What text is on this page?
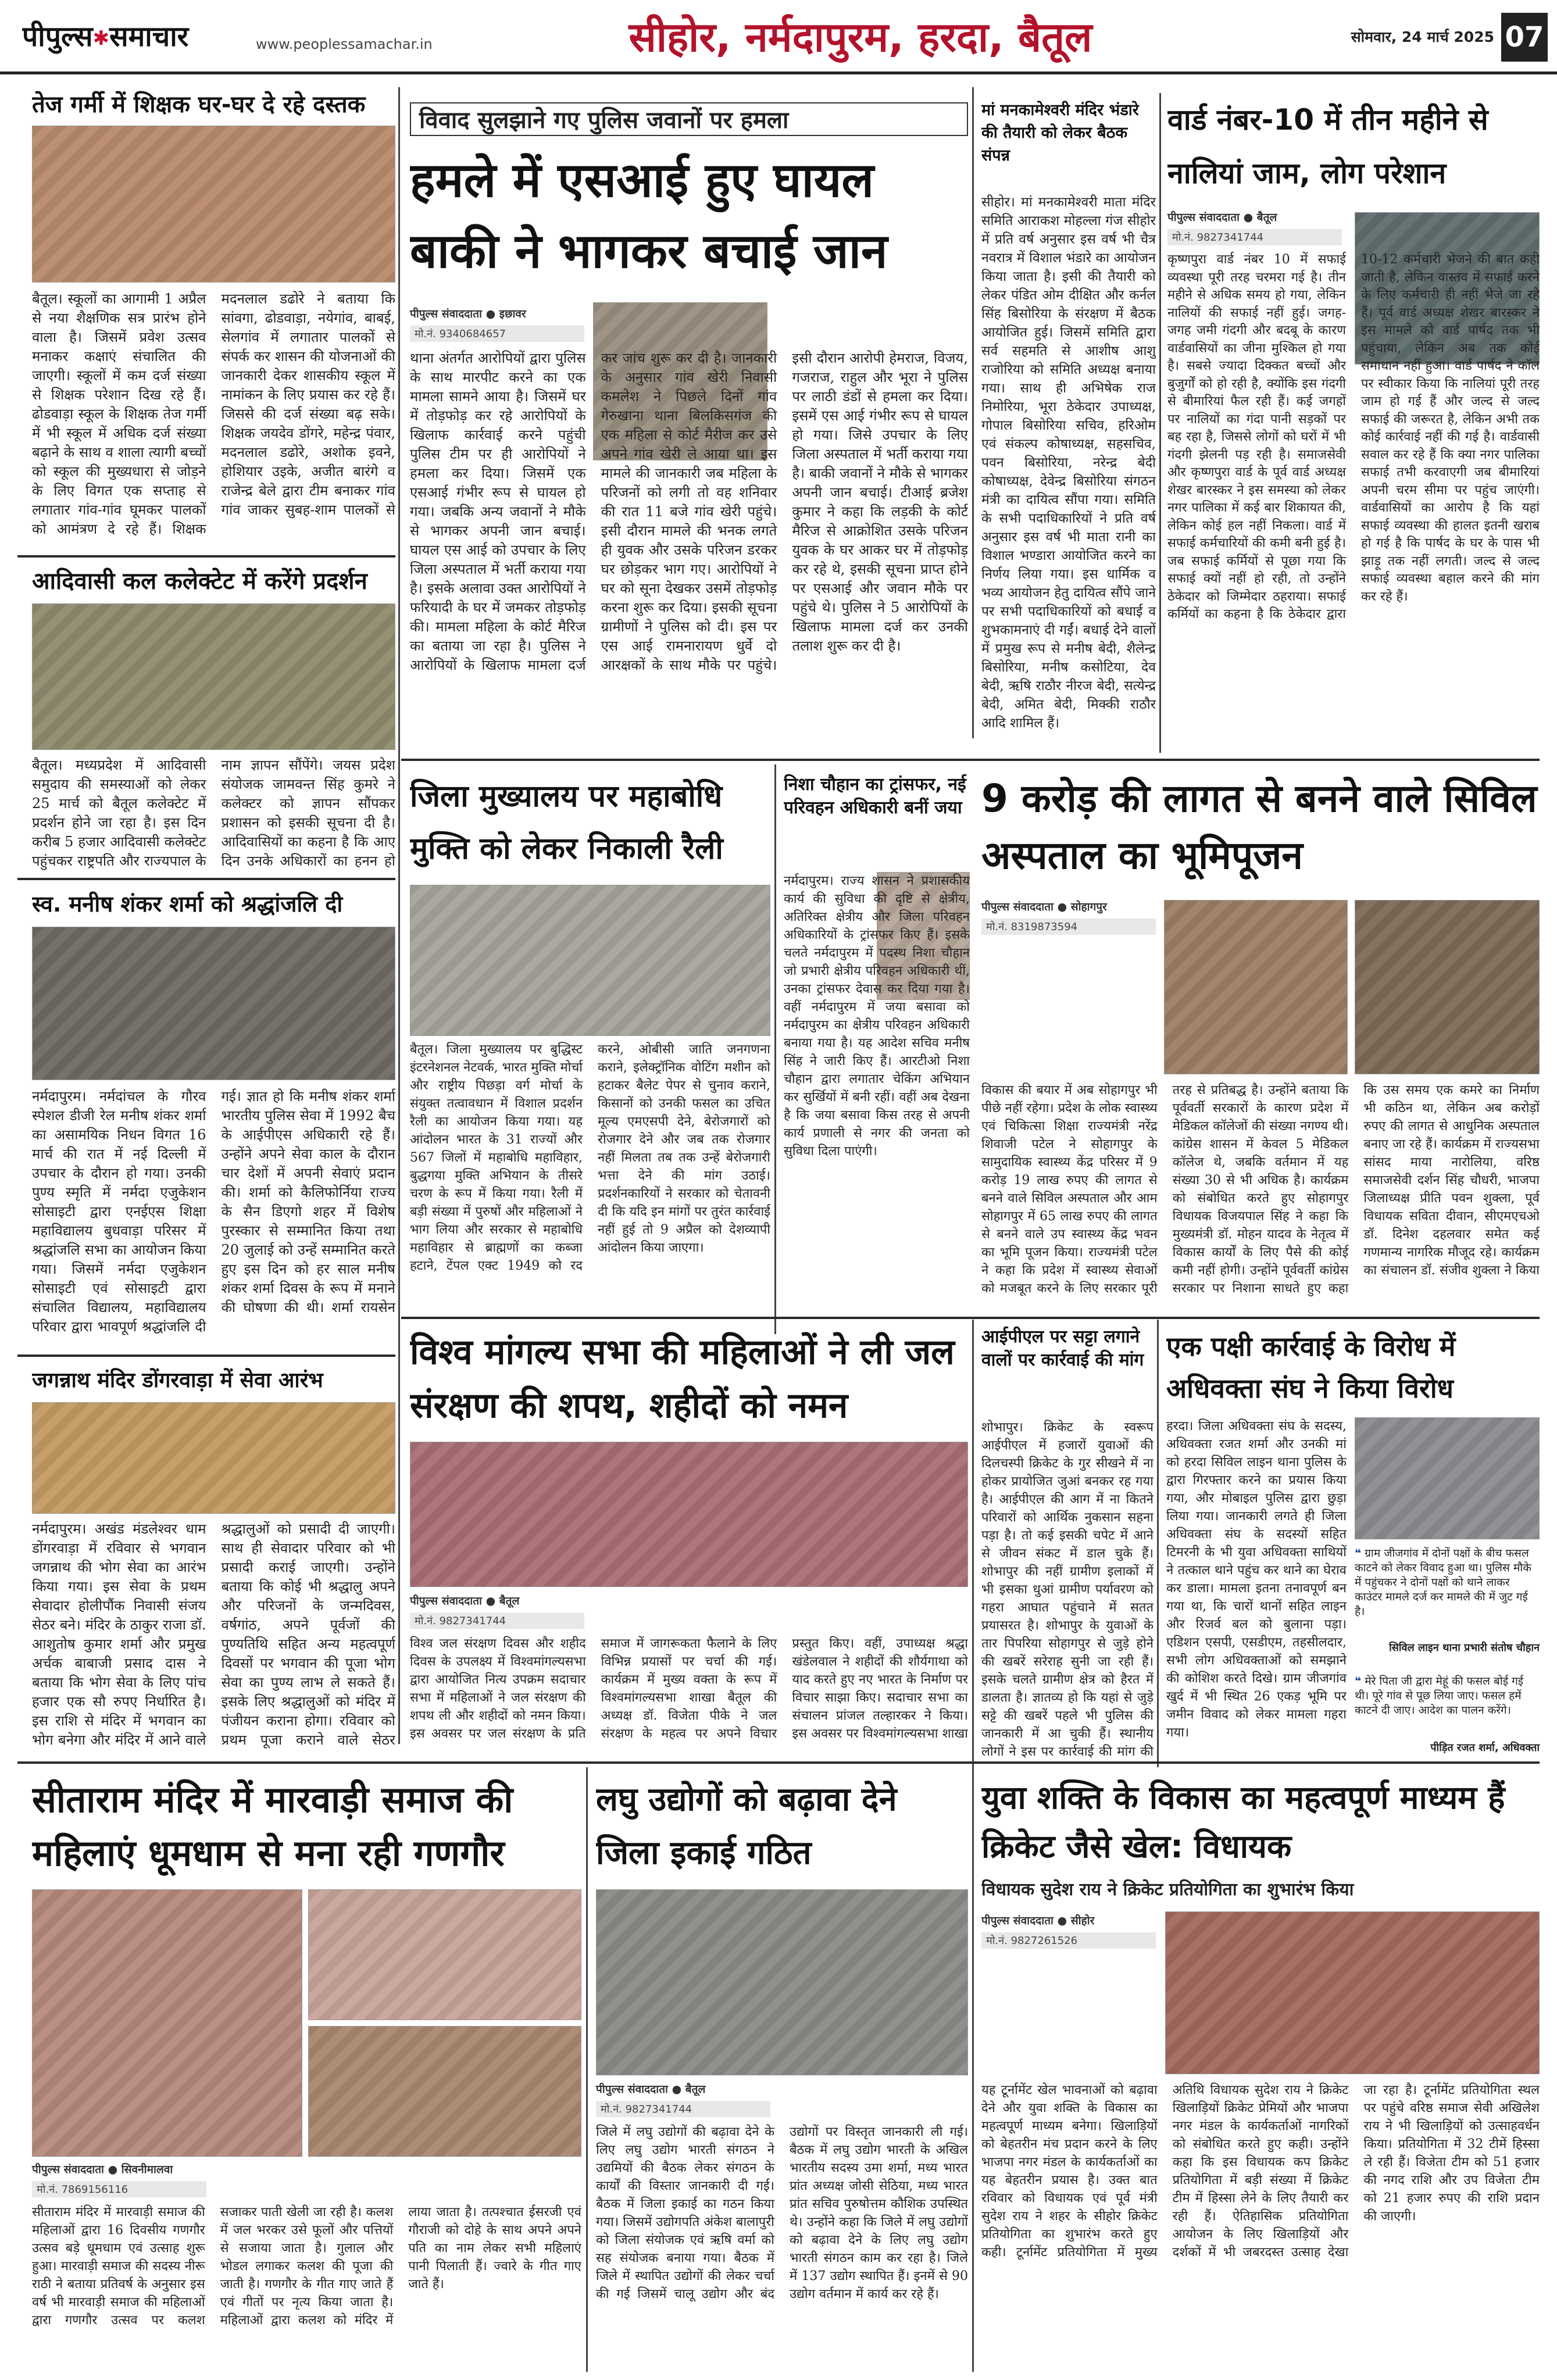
पीपुल्स✱समाचार	www.peoplessamachar.in	सीहोर, नर्मदापुरम, हरदा, बैतूल	सोमवार, 24 मार्च 2025 07
तेज गर्मी में शिक्षक घर-घर दे रहे दस्तक
बैतूल। स्कूलों का आगामी 1 अप्रैल से नया शैक्षणिक सत्र प्रारंभ होने वाला है। जिसमें प्रवेश उत्सव मनाकर कक्षाएं संचालित की जाएगी। स्कूलों में कम दर्ज संख्या से शिक्षक परेशान दिख रहे हैं। ढोडवाड़ा स्कूल के शिक्षक तेज गर्मी में भी स्कूल में अधिक दर्ज संख्या बढ़ाने के साथ व शाला त्यागी बच्चों को स्कूल की मुख्यधारा से जोड़ने के लिए विगत एक सप्ताह से लगातार गांव-गांव घूमकर पालकों को आमंत्रण दे रहे हैं। शिक्षक मदनलाल डढोरे ने बताया कि सांवगा, ढोडवाड़ा, नयेगांव, बाबई, सेलगांव में लगातार पालकों से संपर्क कर शासन की योजनाओं की जानकारी देकर शासकीय स्कूल में नामांकन के लिए प्रयास कर रहे हैं। जिससे की दर्ज संख्या बढ़ सके। शिक्षक जयदेव डोंगरे, महेन्द्र पंवार, मदनलाल डढोरे, अशोक इवने, होशियार उइके, अजीत बारंगे व राजेन्द्र बेले द्वारा टीम बनाकर गांव गांव जाकर सुबह-शाम पालकों से
आदिवासी कल कलेक्टेट में करेंगे प्रदर्शन
बैतूल। मध्यप्रदेश में आदिवासी समुदाय की समस्याओं को लेकर 25 मार्च को बैतूल कलेक्टेट में प्रदर्शन होने जा रहा है। इस दिन करीब 5 हजार आदिवासी कलेक्टेट पहुंचकर राष्ट्रपति और राज्यपाल के नाम ज्ञापन सौंपेंगे। जयस प्रदेश संयोजक जामवन्त सिंह कुमरे ने कलेक्टर को ज्ञापन सौंपकर प्रशासन को इसकी सूचना दी है। आदिवासियों का कहना है कि आए दिन उनके अधिकारों का हनन हो
स्व. मनीष शंकर शर्मा को श्रद्धांजलि दी
नर्मदापुरम। नर्मदांचल के गौरव स्पेशल डीजी रेल मनीष शंकर शर्मा का असामयिक निधन विगत 16 मार्च की रात में नई दिल्ली में उपचार के दौरान हो गया। उनकी पुण्य स्मृति में नर्मदा एजुकेशन सोसाइटी द्वारा एनईएस शिक्षा महाविद्यालय बुधवाड़ा परिसर में श्रद्धांजलि सभा का आयोजन किया गया। जिसमें नर्मदा एजुकेशन सोसाइटी एवं सोसाइटी द्वारा संचालित विद्यालय, महाविद्यालय परिवार द्वारा भावपूर्ण श्रद्धांजलि दी गई। ज्ञात हो कि मनीष शंकर शर्मा भारतीय पुलिस सेवा में 1992 बैच के आईपीएस अधिकारी रहे हैं। उन्होंने अपने सेवा काल के दौरान चार देशों में अपनी सेवाएं प्रदान की। शर्मा को कैलिफोर्निया राज्य के सैन डिएगो शहर में विशेष पुरस्कार से सम्मानित किया तथा 20 जुलाई को उन्हें सम्मानित करते हुए इस दिन को हर साल मनीष शंकर शर्मा दिवस के रूप में मनाने की घोषणा की थी। शर्मा रायसेन
जगन्नाथ मंदिर डोंगरवाड़ा में सेवा आरंभ
नर्मदापुरम। अखंड मंडलेश्वर धाम डोंगरवाड़ा में रविवार से भगवान जगन्नाथ की भोग सेवा का आरंभ किया गया। इस सेवा के प्रथम सेवादार होलीपौंक निवासी संजय सेठर बने। मंदिर के ठाकुर राजा डॉ. आशुतोष कुमार शर्मा और प्रमुख अर्चक बाबाजी प्रसाद दास ने बताया कि भोग सेवा के लिए पांच हजार एक सौ रुपए निर्धारित है। इस राशि से मंदिर में भगवान का भोग बनेगा और मंदिर में आने वाले श्रद्धालुओं को प्रसादी दी जाएगी। साथ ही सेवादार परिवार को भी प्रसादी कराई जाएगी। उन्होंने बताया कि कोई भी श्रद्धालु अपने और परिजनों के जन्मदिवस, वर्षगांठ, अपने पूर्वजों की पुण्यतिथि सहित अन्य महत्वपूर्ण दिवसों पर भगवान की पूजा भोग सेवा का पुण्य लाभ ले सकते हैं। इसके लिए श्रद्धालुओं को मंदिर में पंजीयन कराना होगा। रविवार को प्रथम पूजा कराने वाले सेठर
विवाद सुलझाने गए पुलिस जवानों पर हमला
हमले में एसआई हुए घायल बाकी ने भागकर बचाई जान
पीपुल्स संवाददाता ● इछावर
मो.नं. 9340684657
थाना अंतर्गत आरोपियों द्वारा पुलिस के साथ मारपीट करने का एक मामला सामने आया है। जिसमें घर में तोड़फोड़ कर रहे आरोपियों के खिलाफ कार्रवाई करने पहुंची पुलिस टीम पर ही आरोपियों ने हमला कर दिया। जिसमें एक एसआई गंभीर रूप से घायल हो गया। जबकि अन्य जवानों ने मौके से भागकर अपनी जान बचाई। घायल एस आई को उपचार के लिए जिला अस्पताल में भर्ती कराया गया है। इसके अलावा उक्त आरोपियों ने फरियादी के घर में जमकर तोड़फोड़ की। मामला महिला के कोर्ट मैरिज का बताया जा रहा है। पुलिस ने आरोपियों के खिलाफ मामला दर्ज कर जांच शुरू कर दी है। जानकारी के अनुसार गांव खेरी निवासी कमलेश ने पिछले दिनों गांव गेरुखाना थाना बिलकिसगंज की एक महिला से कोर्ट मैरीज कर उसे अपने गांव खेरी ले आया था। इस मामले की जानकारी जब महिला के परिजनों को लगी तो वह शनिवार की रात 11 बजे गांव खेरी पहुंचे। इसी दौरान मामले की भनक लगते ही युवक और उसके परिजन डरकर घर छोड़कर भाग गए। आरोपियों ने घर को सूना देखकर उसमें तोड़फोड़ करना शुरू कर दिया। इसकी सूचना ग्रामीणों ने पुलिस को दी। इस पर एस आई रामनारायण धुर्वे दो आरक्षकों के साथ मौके पर पहुंचे। इसी दौरान आरोपी हेमराज, विजय, गजराज, राहुल और भूरा ने पुलिस पर लाठी डंडों से हमला कर दिया। इसमें एस आई गंभीर रूप से घायल हो गया। जिसे उपचार के लिए जिला अस्पताल में भर्ती कराया गया है। बाकी जवानों ने मौके से भागकर अपनी जान बचाई। टीआई ब्रजेश कुमार ने कहा कि लड़की के कोर्ट मैरिज से आक्रोशित उसके परिजन युवक के घर आकर घर में तोड़फोड़ कर रहे थे, इसकी सूचना प्राप्त होने पर एसआई और जवान मौके पर पहुंचे थे। पुलिस ने 5 आरोपियों के खिलाफ मामला दर्ज कर उनकी तलाश शुरू कर दी है।
मां मनकामेश्वरी मंदिर भंडारे की तैयारी को लेकर बैठक संपन्न
सीहोर। मां मनकामेश्वरी माता मंदिर समिति आराकश मोहल्ला गंज सीहोर में प्रति वर्ष अनुसार इस वर्ष भी चैत्र नवरात्र में विशाल भंडारे का आयोजन किया जाता है। इसी की तैयारी को लेकर पंडित ओम दीक्षित और कर्नल सिंह बिसोरिया के संरक्षण में बैठक आयोजित हुई। जिसमें समिति द्वारा सर्व सहमति से आशीष आशु राजोरिया को समिति अध्यक्ष बनाया गया। साथ ही अभिषेक राज निमोरिया, भूरा ठेकेदार उपाध्यक्ष, गोपाल बिसोरिया सचिव, हरिओम एवं संकल्प कोषाध्यक्ष, सहसचिव, पवन बिसोरिया, नरेन्द्र बेदी कोषाध्यक्ष, देवेन्द्र बिसोरिया संगठन मंत्री का दायित्व सौंपा गया। समिति के सभी पदाधिकारियों ने प्रति वर्ष अनुसार इस वर्ष भी माता रानी का विशाल भण्डारा आयोजित करने का निर्णय लिया गया। इस धार्मिक व भव्य आयोजन हेतु दायित्व सौंपे जाने पर सभी पदाधिकारियों को बधाई व शुभकामनाएं दी गईं। बधाई देने वालों में प्रमुख रूप से मनीष बेदी, शैलेन्द्र बिसोरिया, मनीष कसोटिया, देव बेदी, ऋषि राठौर नीरज बेदी, सत्येन्द्र बेदी, अमित बेदी, मिक्की राठौर आदि शामिल हैं।
वार्ड नंबर-10 में तीन महीने से नालियां जाम, लोग परेशान
पीपुल्स संवाददाता ● बैतूल
मो.नं. 9827341744
कृष्णपुरा वार्ड नंबर 10 में सफाई व्यवस्था पूरी तरह चरमरा गई है। तीन महीने से अधिक समय हो गया, लेकिन नालियों की सफाई नहीं हुई। जगह-जगह जमी गंदगी और बदबू के कारण वार्डवासियों का जीना मुश्किल हो गया है। सबसे ज्यादा दिक्कत बच्चों और बुजुर्गों को हो रही है, क्योंकि इस गंदगी से बीमारियां फैल रही हैं। कई जगहों पर नालियों का गंदा पानी सड़कों पर बह रहा है, जिससे लोगों को घरों में भी गंदगी झेलनी पड़ रही है। समाजसेवी और कृष्णपुरा वार्ड के पूर्व वार्ड अध्यक्ष शेखर बारस्कर ने इस समस्या को लेकर नगर पालिका में कई बार शिकायत की, लेकिन कोई हल नहीं निकला। वार्ड में सफाई कर्मचारियों की कमी बनी हुई है। जब सफाई कर्मियों से पूछा गया कि सफाई क्यों नहीं हो रही, तो उन्होंने ठेकेदार को जिम्मेदार ठहराया। सफाई कर्मियों का कहना है कि ठेकेदार द्वारा 10-12 कर्मचारी भेजने की बात कही जाती है, लेकिन वास्तव में सफाई करने के लिए कर्मचारी ही नहीं भेजे जा रहे हैं। पूर्व वार्ड अध्यक्ष शेखर बारस्कर ने इस मामले को वार्ड पार्षद तक भी पहुंचाया, लेकिन अब तक कोई समाधान नहीं हुआ। वार्ड पार्षद ने कॉल पर स्वीकार किया कि नालियां पूरी तरह जाम हो गई हैं और जल्द से जल्द सफाई की जरूरत है, लेकिन अभी तक कोई कार्रवाई नहीं की गई है। वार्डवासी सवाल कर रहे हैं कि क्या नगर पालिका सफाई तभी करवाएगी जब बीमारियां अपनी चरम सीमा पर पहुंच जाएंगी। वार्डवासियों का आरोप है कि यहां सफाई व्यवस्था की हालत इतनी खराब हो गई है कि पार्षद के घर के पास भी झाड़ू तक नहीं लगती। जल्द से जल्द सफाई व्यवस्था बहाल करने की मांग कर रहे हैं।
जिला मुख्यालय पर महाबोधि मुक्ति को लेकर निकाली रैली
बैतूल। जिला मुख्यालय पर बुद्धिस्ट इंटरनेशनल नेटवर्क, भारत मुक्ति मोर्चा और राष्ट्रीय पिछड़ा वर्ग मोर्चा के संयुक्त तत्वावधान में विशाल प्रदर्शन रैली का आयोजन किया गया। यह आंदोलन भारत के 31 राज्यों और 567 जिलों में महाबोधि महाविहार, बुद्धगया मुक्ति अभियान के तीसरे चरण के रूप में किया गया। रैली में बड़ी संख्या में पुरुषों और महिलाओं ने भाग लिया और सरकार से महाबोधि महाविहार से ब्राह्मणों का कब्जा हटाने, टेंपल एक्ट 1949 को रद करने, ओबीसी जाति जनगणना कराने, इलेक्ट्रॉनिक वोटिंग मशीन को हटाकर बैलेट पेपर से चुनाव कराने, किसानों को उनकी फसल का उचित मूल्य एमएसपी देने, बेरोजगारों को रोजगार देने और जब तक रोजगार नहीं मिलता तब तक उन्हें बेरोजगारी भत्ता देने की मांग उठाई। प्रदर्शनकारियों ने सरकार को चेतावनी दी कि यदि इन मांगों पर तुरंत कार्रवाई नहीं हुई तो 9 अप्रैल को देशव्यापी आंदोलन किया जाएगा।
निशा चौहान का ट्रांसफर, नई परिवहन अधिकारी बनीं जया
नर्मदापुरम। राज्य शासन ने प्रशासकीय कार्य की सुविधा की दृष्टि से क्षेत्रीय, अतिरिक्त क्षेत्रीय और जिला परिवहन अधिकारियों के ट्रांसफर किए हैं। इसके चलते नर्मदापुरम में पदस्थ निशा चौहान जो प्रभारी क्षेत्रीय परिवहन अधिकारी थीं, उनका ट्रांसफर देवास कर दिया गया है। वहीं नर्मदापुरम में जया बसावा को नर्मदापुरम का क्षेत्रीय परिवहन अधिकारी बनाया गया है। यह आदेश सचिव मनीष सिंह ने जारी किए हैं। आरटीओ निशा चौहान द्वारा लगातार चेकिंग अभियान कर सुर्खियों में बनी रहीं। वहीं अब देखना है कि जया बसावा किस तरह से अपनी कार्य प्रणाली से नगर की जनता को सुविधा दिला पाएंगी।
9 करोड़ की लागत से बनने वाले सिविल अस्पताल का भूमिपूजन
पीपुल्स संवाददाता ● सोहागपुर
मो.नं. 8319873594
विकास की बयार में अब सोहागपुर भी पीछे नहीं रहेगा। प्रदेश के लोक स्वास्थ्य एवं चिकित्सा शिक्षा राज्यमंत्री नरेंद्र शिवाजी पटेल ने सोहागपुर के सामुदायिक स्वास्थ्य केंद्र परिसर में 9 करोड़ 19 लाख रुपए की लागत से बनने वाले सिविल अस्पताल और आम सोहागपुर में 65 लाख रुपए की लागत से बनने वाले उप स्वास्थ्य केंद्र भवन का भूमि पूजन किया। राज्यमंत्री पटेल ने कहा कि प्रदेश में स्वास्थ्य सेवाओं को मजबूत करने के लिए सरकार पूरी तरह से प्रतिबद्ध है। उन्होंने बताया कि पूर्ववर्ती सरकारों के कारण प्रदेश में मेडिकल कॉलेजों की संख्या नगण्य थी। कांग्रेस शासन में केवल 5 मेडिकल कॉलेज थे, जबकि वर्तमान में यह संख्या 30 से भी अधिक है। कार्यक्रम को संबोधित करते हुए सोहागपुर विधायक विजयपाल सिंह ने कहा कि मुख्यमंत्री डॉ. मोहन यादव के नेतृत्व में विकास कार्यों के लिए पैसे की कोई कमी नहीं होगी। उन्होंने पूर्ववर्ती कांग्रेस सरकार पर निशाना साधते हुए कहा कि उस समय एक कमरे का निर्माण भी कठिन था, लेकिन अब करोड़ों रुपए की लागत से आधुनिक अस्पताल बनाए जा रहे हैं। कार्यक्रम में राज्यसभा सांसद माया नारोलिया, वरिष्ठ समाजसेवी दर्शन सिंह चौधरी, भाजपा जिलाध्यक्ष प्रीति पवन शुक्ला, पूर्व विधायक सविता दीवान, सीएमएचओ डॉ. दिनेश दहलवार समेत कई गणमान्य नागरिक मौजूद रहे। कार्यक्रम का संचालन डॉ. संजीव शुक्ला ने किया
विश्व मांगल्य सभा की महिलाओं ने ली जल संरक्षण की शपथ, शहीदों को नमन
पीपुल्स संवाददाता ● बैतूल
मो.नं. 9827341744
विश्व जल संरक्षण दिवस और शहीद दिवस के उपलक्ष्य में विश्वमांगल्यसभा द्वारा आयोजित नित्य उपक्रम सदाचार सभा में महिलाओं ने जल संरक्षण की शपथ ली और शहीदों को नमन किया। इस अवसर पर जल संरक्षण के प्रति समाज में जागरूकता फैलाने के लिए विभिन्न प्रयासों पर चर्चा की गई। कार्यक्रम में मुख्य वक्ता के रूप में विश्वमांगल्यसभा शाखा बैतूल की अध्यक्ष डॉ. विजेता पीके ने जल संरक्षण के महत्व पर अपने विचार प्रस्तुत किए। वहीं, उपाध्यक्ष श्रद्धा खंडेलवाल ने शहीदों की शौर्यगाथा को याद करते हुए नए भारत के निर्माण पर विचार साझा किए। सदाचार सभा का संचालन प्रांजल तल्हारकर ने किया। इस अवसर पर विश्वमांगल्यसभा शाखा
आईपीएल पर सट्टा लगाने वालों पर कार्रवाई की मांग
शोभापुर। क्रिकेट के स्वरूप आईपीएल में हजारों युवाओं की दिलचस्पी क्रिकेट के गुर सीखने में ना होकर प्रायोजित जुआं बनकर रह गया है। आईपीएल की आग में ना कितने परिवारों को आर्थिक नुकसान सहना पड़ा है। तो कई इसकी चपेट में आने से जीवन संकट में डाल चुके हैं। शोभापुर की नहीं ग्रामीण इलाकों में भी इसका धुआं ग्रामीण पर्यावरण को गहरा आघात पहुंचाने में सतत प्रयासरत है। शोभापुर के युवाओं के तार पिपरिया सोहागपुर से जुड़े होने की खबरें सरेराह सुनी जा रही हैं। इसके चलते ग्रामीण क्षेत्र को हैरत में डालता है। ज्ञातव्य हो कि यहां से जुड़े सट्टे की खबरें पहले भी पुलिस की जानकारी में आ चुकी हैं। स्थानीय लोगों ने इस पर कार्रवाई की मांग की
एक पक्षी कार्रवाई के विरोध में अधिवक्ता संघ ने किया विरोध
हरदा। जिला अधिवक्ता संघ के सदस्य, अधिवक्ता रजत शर्मा और उनकी मां को हरदा सिविल लाइन थाना पुलिस के द्वारा गिरफ्तार करने का प्रयास किया गया, और मोबाइल पुलिस द्वारा छुड़ा लिया गया। जानकारी लगते ही जिला अधिवक्ता संघ के सदस्यों सहित टिमरनी के भी युवा अधिवक्ता साथियों ने तत्काल थाने पहुंच कर थाने का घेराव कर डाला। मामला इतना तनावपूर्ण बन गया था, कि चारों थानों सहित लाइन और रिजर्व बल को बुलाना पड़ा। एडिशन एसपी, एसडीएम, तहसीलदार, सभी लोग अधिवक्ताओं को समझाने की कोशिश करते दिखे। ग्राम जीजगांव खुर्द में भी स्थित 26 एकड़ भूमि पर जमीन विवाद को लेकर मामला गहरा गया।
❝ ग्राम जीजगांव में दोनों पक्षों के बीच फसल काटने को लेकर विवाद हुआ था। पुलिस मौके में पहुंचकर ने दोनों पक्षों को थाने लाकर काउंटर मामले दर्ज कर मामले की में जुट गई है।
सिविल लाइन थाना प्रभारी संतोष चौहान
❝ मेरे पिता जी द्वारा मेहूं की फसल बोई गई थी। पूरे गांव से पूछ लिया जाए। फसल हमें काटने दी जाए। आदेश का पालन करेंगे।
पीड़ित रजत शर्मा, अधिवक्ता
सीताराम मंदिर में मारवाड़ी समाज की महिलाएं धूमधाम से मना रही गणगौर
पीपुल्स संवाददाता ● सिवनीमालवा
मो.नं. 7869156116
सीताराम मंदिर में मारवाड़ी समाज की महिलाओं द्वारा 16 दिवसीय गणगौर उत्सव बड़े धूमधाम एवं उत्साह शुरू हुआ। मारवाड़ी समाज की सदस्य नीरू राठी ने बताया प्रतिवर्ष के अनुसार इस वर्ष भी मारवाड़ी समाज की महिलाओं द्वारा गणगौर उत्सव पर कलश सजाकर पाती खेली जा रही है। कलश में जल भरकर उसे फूलों और पत्तियों से सजाया जाता है। गुलाल और भोडल लगाकर कलश की पूजा की जाती है। गणगौर के गीत गाए जाते हैं एवं गीतों पर नृत्य किया जाता है। महिलाओं द्वारा कलश को मंदिर में लाया जाता है। तत्पश्चात ईसरजी एवं गौराजी को दोहे के साथ अपने अपने पति का नाम लेकर सभी महिलाएं पानी पिलाती हैं। ज्वारे के गीत गाए जाते हैं।
लघु उद्योगों को बढ़ावा देने जिला इकाई गठित
पीपुल्स संवाददाता ● बैतूल
मो.नं. 9827341744
जिले में लघु उद्योगों की बढ़ावा देने के लिए लघु उद्योग भारती संगठन ने उद्यमियों की बैठक लेकर संगठन के कार्यों की विस्तार जानकारी दी गई। बैठक में जिला इकाई का गठन किया गया। जिसमें उद्योगपति अंकेश बालापुरी को जिला संयोजक एवं ऋषि वर्मा को सह संयोजक बनाया गया। बैठक में जिले में स्थापित उद्योगों की लेकर चर्चा की गई जिसमें चालू उद्योग और बंद उद्योगों पर विस्तृत जानकारी ली गई। बैठक में लघु उद्योग भारती के अखिल भारतीय सदस्य उमा शर्मा, मध्य भारत प्रांत अध्यक्ष जोसी सेठिया, मध्य भारत प्रांत सचिव पुरुषोत्तम कौशिक उपस्थित थे। उन्होंने कहा कि जिले में लघु उद्योगों को बढ़ावा देने के लिए लघु उद्योग भारती संगठन काम कर रहा है। जिले में 137 उद्योग स्थापित हैं। इनमें से 90 उद्योग वर्तमान में कार्य कर रहे हैं।
युवा शक्ति के विकास का महत्वपूर्ण माध्यम हैं क्रिकेट जैसे खेल: विधायक
विधायक सुदेश राय ने क्रिकेट प्रतियोगिता का शुभारंभ किया
पीपुल्स संवाददाता ● सीहोर
मो.नं. 9827261526
यह टूर्नामेंट खेल भावनाओं को बढ़ावा देने और युवा शक्ति के विकास का महत्वपूर्ण माध्यम बनेगा। खिलाड़ियों को बेहतरीन मंच प्रदान करने के लिए भाजपा नगर मंडल के कार्यकर्ताओं का यह बेहतरीन प्रयास है। उक्त बात रविवार को विधायक एवं पूर्व मंत्री सुदेश राय ने शहर के सीहोर क्रिकेट प्रतियोगिता का शुभारंभ करते हुए कही। टूर्नामेंट प्रतियोगिता में मुख्य अतिथि विधायक सुदेश राय ने क्रिकेट खिलाड़ियों क्रिकेट प्रेमियों और भाजपा नगर मंडल के कार्यकर्ताओं नागरिकों को संबोधित करते हुए कही। उन्होंने कहा कि इस विधायक कप क्रिकेट प्रतियोगिता में बड़ी संख्या में क्रिकेट टीम में हिस्सा लेने के लिए तैयारी कर रही हैं। ऐतिहासिक प्रतियोगिता आयोजन के लिए खिलाड़ियों और दर्शकों में भी जबरदस्त उत्साह देखा जा रहा है। टूर्नामेंट प्रतियोगिता स्थल पर पहुंचे वरिष्ठ समाज सेवी अखिलेश राय ने भी खिलाड़ियों को उत्साहवर्धन किया। प्रतियोगिता में 32 टीमें हिस्सा ले रही हैं। विजेता टीम को 51 हजार की नगद राशि और उप विजेता टीम को 21 हजार रुपए की राशि प्रदान की जाएगी।
